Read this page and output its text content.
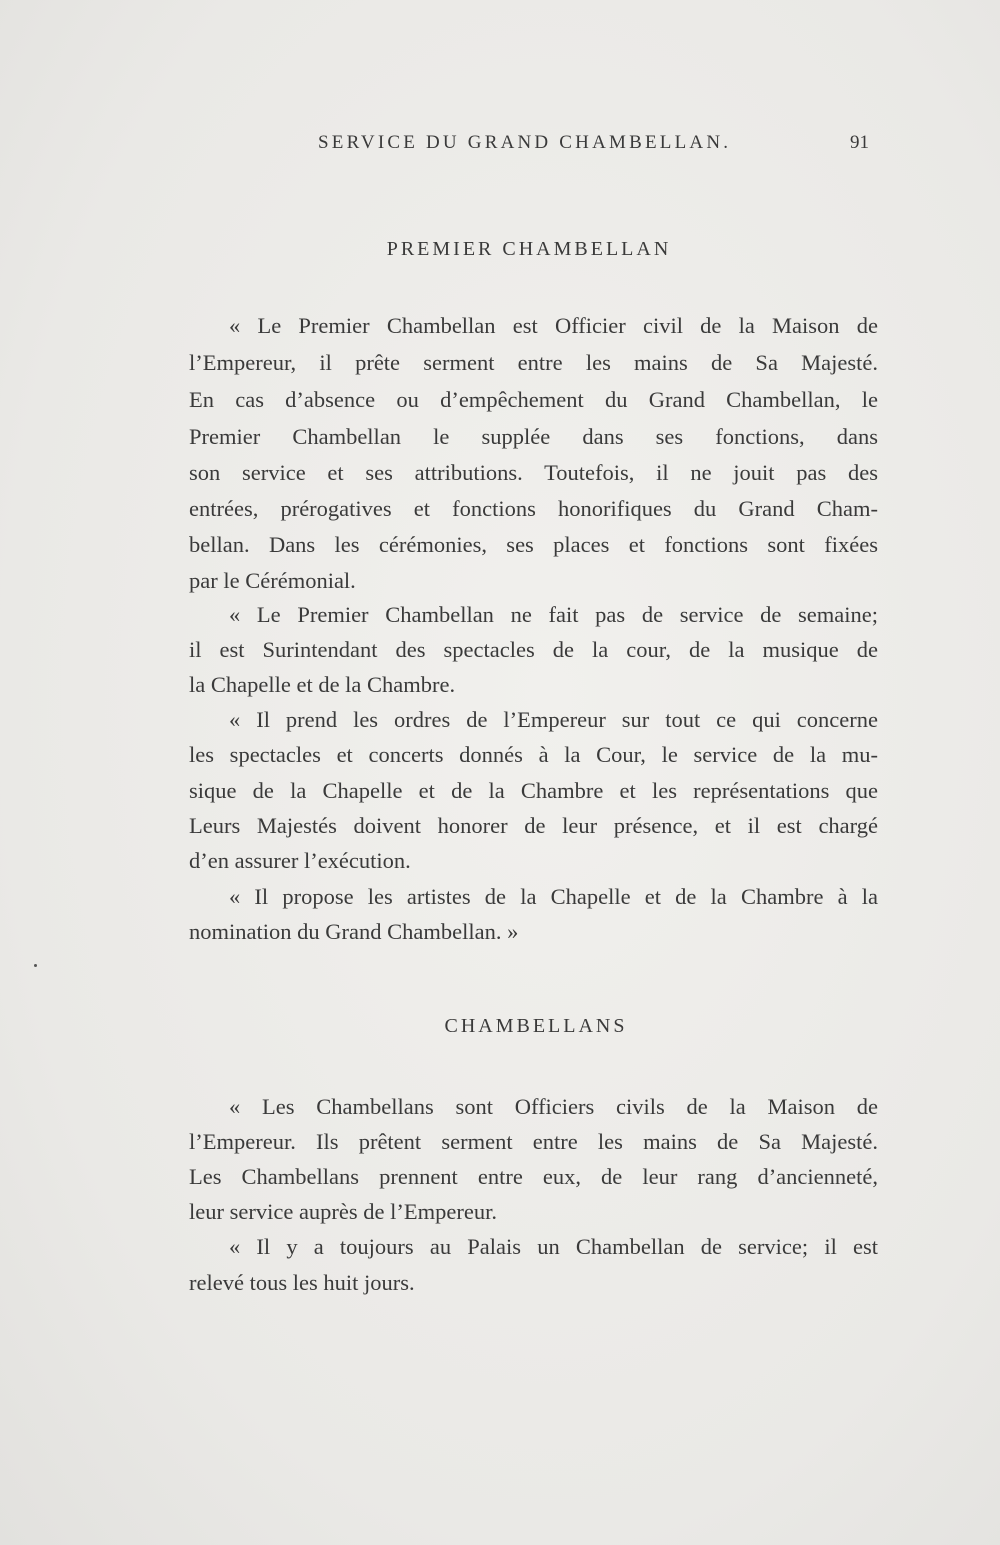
SERVICE DU GRAND CHAMBELLAN.	91
PREMIER CHAMBELLAN
« Le Premier Chambellan est Officier civil de la Maison de
l’Empereur, il prête serment entre les mains de Sa Majesté.
En cas d’absence ou d’empêchement du Grand Chambellan, le
Premier Chambellan le supplée dans ses fonctions, dans
son service et ses attributions. Toutefois, il ne jouit pas des
entrées, prérogatives et fonctions honorifiques du Grand Cham-
bellan. Dans les cérémonies, ses places et fonctions sont fixées
par le Cérémonial.
« Le Premier Chambellan ne fait pas de service de semaine;
il est Surintendant des spectacles de la cour, de la musique de
la Chapelle et de la Chambre.
« Il prend les ordres de l’Empereur sur tout ce qui concerne
les spectacles et concerts donnés à la Cour, le service de la mu-
sique de la Chapelle et de la Chambre et les représentations que
Leurs Majestés doivent honorer de leur présence, et il est chargé
d’en assurer l’exécution.
« Il propose les artistes de la Chapelle et de la Chambre à la
nomination du Grand Chambellan. »
CHAMBELLANS
« Les Chambellans sont Officiers civils de la Maison de
l’Empereur. Ils prêtent serment entre les mains de Sa Majesté.
Les Chambellans prennent entre eux, de leur rang d’ancienneté,
leur service auprès de l’Empereur.
« Il y a toujours au Palais un Chambellan de service; il est
relevé tous les huit jours.
